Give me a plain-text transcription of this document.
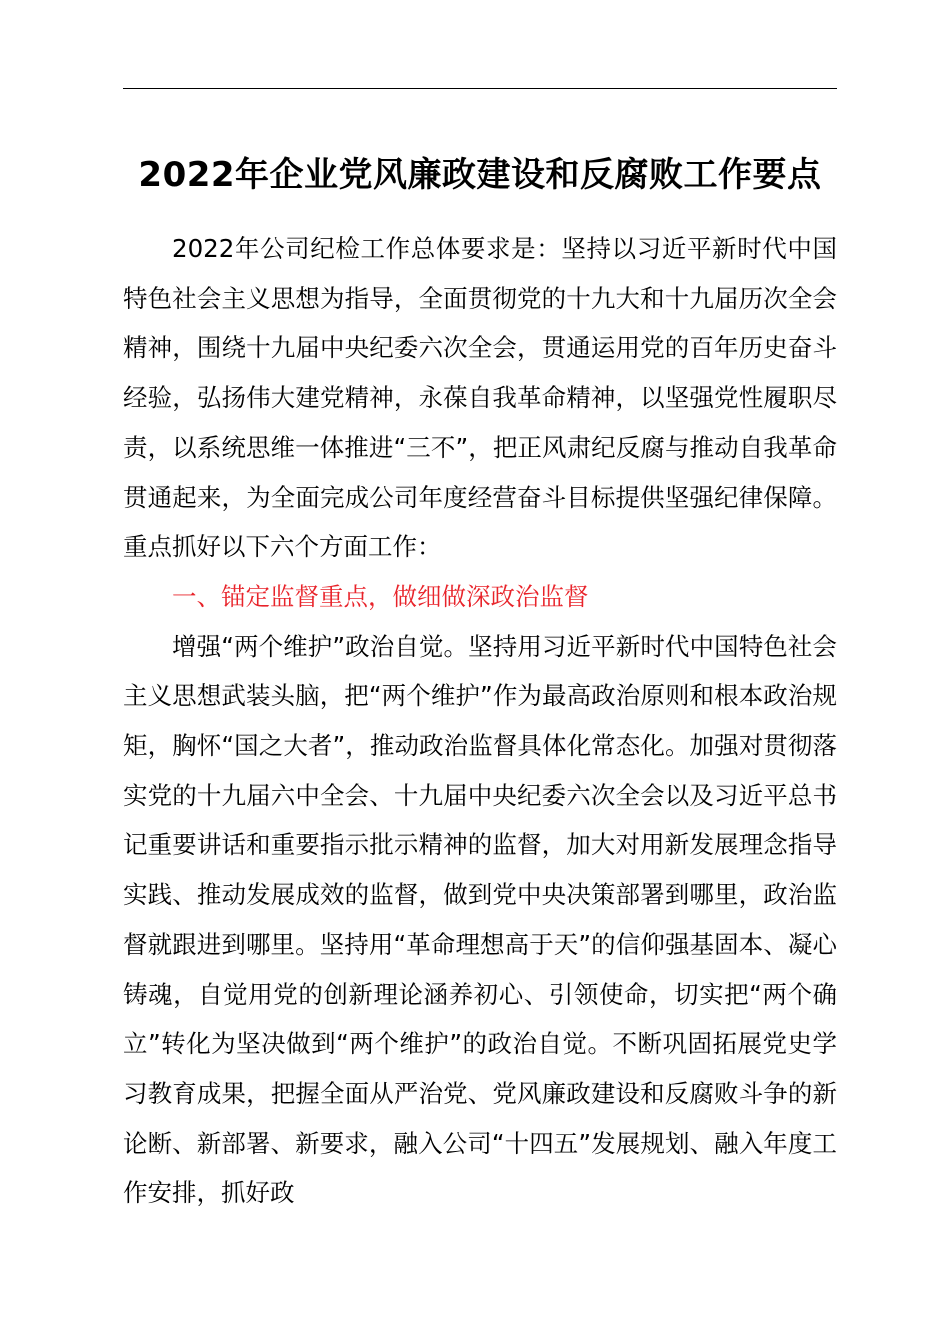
2022年企业党风廉政建设和反腐败工作要点

2022年公司纪检工作总体要求是：坚持以习近平新时代中国特色社会主义思想为指导，全面贯彻党的十九大和十九届历次全会精神，围绕十九届中央纪委六次全会，贯通运用党的百年历史奋斗经验，弘扬伟大建党精神，永葆自我革命精神，以坚强党性履职尽责，以系统思维一体推进“三不”，把正风肃纪反腐与推动自我革命贯通起来，为全面完成公司年度经营奋斗目标提供坚强纪律保障。重点抓好以下六个方面工作：

一、锚定监督重点，做细做深政治监督

增强“两个维护”政治自觉。坚持用习近平新时代中国特色社会主义思想武装头脑，把“两个维护”作为最高政治原则和根本政治规矩，胸怀“国之大者”，推动政治监督具体化常态化。加强对贯彻落实党的十九届六中全会、十九届中央纪委六次全会以及习近平总书记重要讲话和重要指示批示精神的监督，加大对用新发展理念指导实践、推动发展成效的监督，做到党中央决策部署到哪里，政治监督就跟进到哪里。坚持用“革命理想高于天”的信仰强基固本、凝心铸魂，自觉用党的创新理论涵养初心、引领使命，切实把“两个确立”转化为坚决做到“两个维护”的政治自觉。不断巩固拓展党史学习教育成果，把握全面从严治党、党风廉政建设和反腐败斗争的新论断、新部署、新要求，融入公司“十四五”发展规划、融入年度工作安排，抓好政
